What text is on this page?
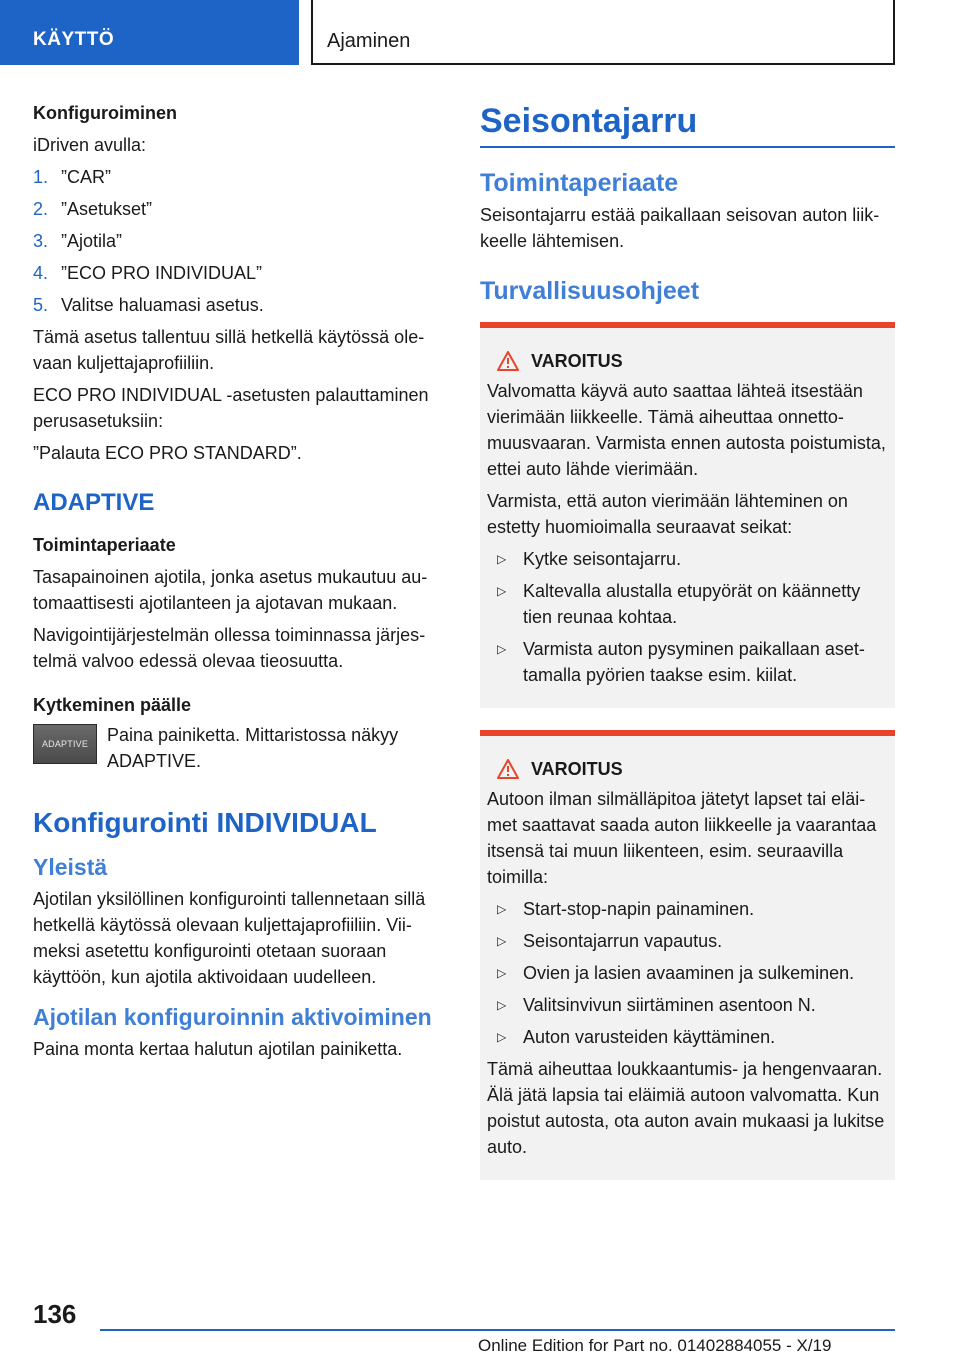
KÄYTTÖ	Ajaminen

Konfiguroiminen

iDriven avulla:

1. ”CAR”
2. ”Asetukset”
3. ”Ajotila”
4. ”ECO PRO INDIVIDUAL”
5. Valitse haluamasi asetus.

Tämä asetus tallentuu sillä hetkellä käytössä olevaan kuljettajaprofiiliin.

ECO PRO INDIVIDUAL -asetusten palauttaminen perusasetuksiin:

”Palauta ECO PRO STANDARD”.

ADAPTIVE

Toimintaperiaate

Tasapainoinen ajotila, jonka asetus mukautuu automaattisesti ajotilanteen ja ajotavan mukaan.

Navigointijärjestelmän ollessa toiminnassa järjestelmä valvoo edessä olevaa tieosuutta.

Kytkeminen päälle

ADAPTIVE Paina painiketta. Mittaristossa näkyy ADAPTIVE.

Konfigurointi INDIVIDUAL
Yleistä

Ajotilan yksilöllinen konfigurointi tallennetaan sillä hetkellä käytössä olevaan kuljettajaprofiiliin. Viimeksi asetettu konfigurointi otetaan suoraan käyttöön, kun ajotila aktivoidaan uudelleen.

Ajotilan konfiguroinnin aktivoiminen

Paina monta kertaa halutun ajotilan painiketta.

Seisontajarru
Toimintaperiaate

Seisontajarru estää paikallaan seisovan auton liikkeelle lähtemisen.

Turvallisuusohjeet
VAROITUS

Valvomatta käyvä auto saattaa lähteä itsestään vierimään liikkeelle. Tämä aiheuttaa onnettomuusvaaran. Varmista ennen autosta poistumista, ettei auto lähde vierimään.

Varmista, että auton vierimään lähteminen on estetty huomioimalla seuraavat seikat:

▷ Kytke seisontajarru.
▷ Kaltevalla alustalla etupyörät on käännetty tien reunaa kohtaa.
▷ Varmista auton pysyminen paikallaan asettamalla pyörien taakse esim. kiilat.
VAROITUS

Autoon ilman silmälläpitoa jätetyt lapset tai eläimet saattavat saada auton liikkeelle ja vaarantaa itsensä tai muun liikenteen, esim. seuraavilla toimilla:

▷ Start-stop-napin painaminen.
▷ Seisontajarrun vapautus.
▷ Ovien ja lasien avaaminen ja sulkeminen.
▷ Valitsinvivun siirtäminen asentoon N.
▷ Auton varusteiden käyttäminen.

Tämä aiheuttaa loukkaantumis- ja hengenvaaran. Älä jätä lapsia tai eläimiä autoon valvomatta. Kun poistut autosta, ota auton avain mukaasi ja lukitse auto.

136
Online Edition for Part no. 01402884055 - X/19
